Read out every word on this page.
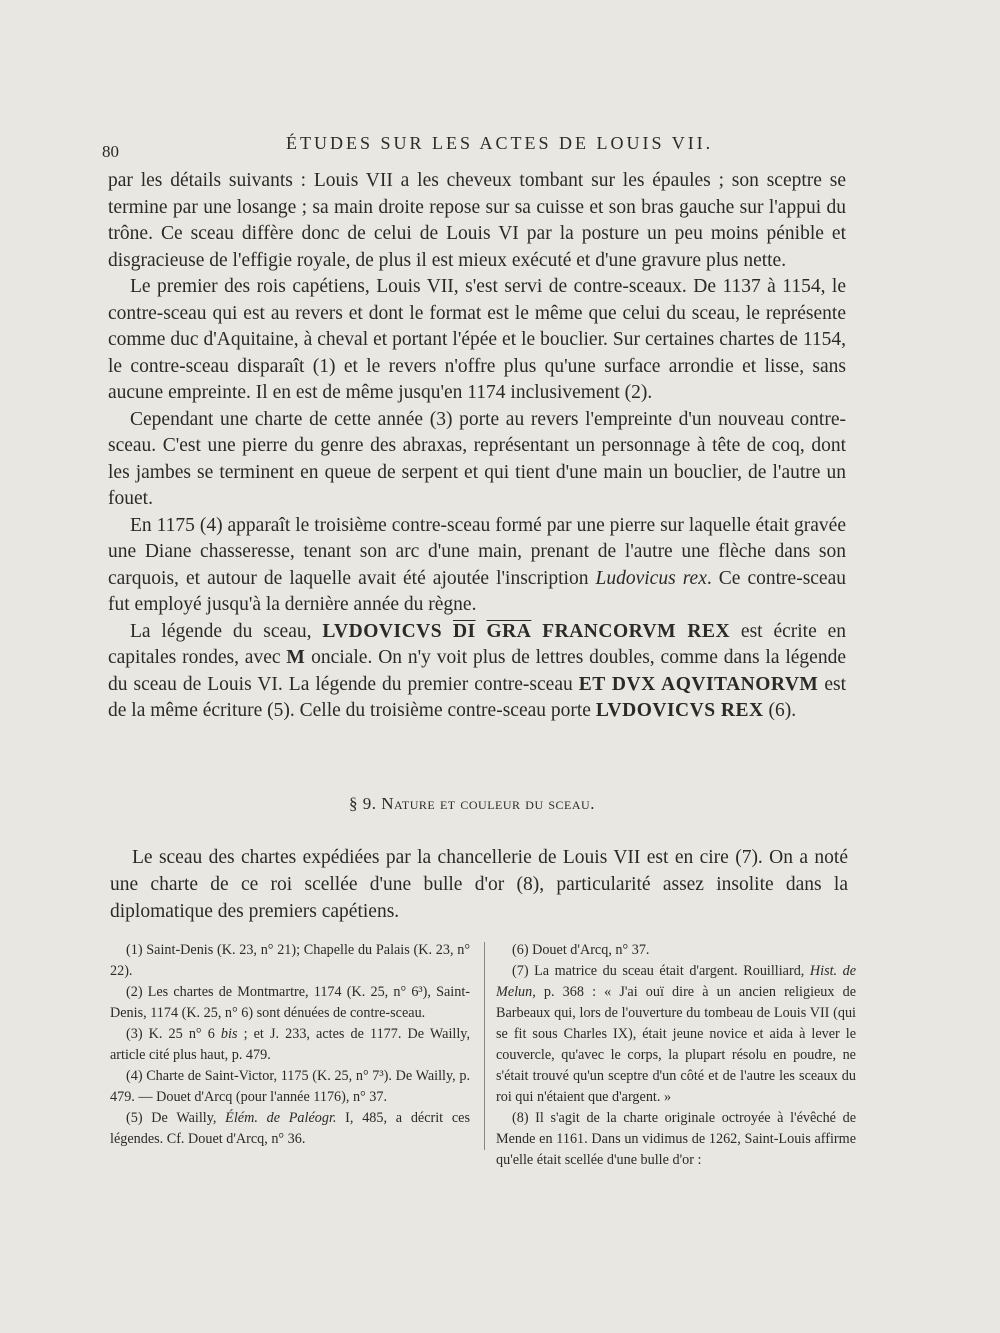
80	ÉTUDES SUR LES ACTES DE LOUIS VII.

par les détails suivants : Louis VII a les cheveux tombant sur les épaules ; son sceptre se termine par une losange ; sa main droite repose sur sa cuisse et son bras gauche sur l'appui du trône. Ce sceau diffère donc de celui de Louis VI par la posture un peu moins pénible et disgracieuse de l'effigie royale, de plus il est mieux exécuté et d'une gravure plus nette.

Le premier des rois capétiens, Louis VII, s'est servi de contre-sceaux. De 1137 à 1154, le contre-sceau qui est au revers et dont le format est le même que celui du sceau, le représente comme duc d'Aquitaine, à cheval et portant l'épée et le bouclier. Sur certaines chartes de 1154, le contre-sceau disparaît (1) et le revers n'offre plus qu'une surface arrondie et lisse, sans aucune empreinte. Il en est de même jusqu'en 1174 inclusivement (2).

Cependant une charte de cette année (3) porte au revers l'empreinte d'un nouveau contre-sceau. C'est une pierre du genre des abraxas, représentant un personnage à tête de coq, dont les jambes se terminent en queue de serpent et qui tient d'une main un bouclier, de l'autre un fouet.

En 1175 (4) apparaît le troisième contre-sceau formé par une pierre sur laquelle était gravée une Diane chasseresse, tenant son arc d'une main, prenant de l'autre une flèche dans son carquois, et autour de laquelle avait été ajoutée l'inscription Ludovicus rex. Ce contre-sceau fut employé jusqu'à la dernière année du règne.

La légende du sceau, LVDOVICVS $\overline{DI}$ $\overline{GRA}$ FRANCORVM REX est écrite en capitales rondes, avec M onciale. On n'y voit plus de lettres doubles, comme dans la légende du sceau de Louis VI. La légende du premier contre-sceau ET DVX AQVITANORVM est de la même écriture (5). Celle du troisième contre-sceau porte LVDOVICVS REX (6).

§ 9. Nature et couleur du sceau.
Le sceau des chartes expédiées par la chancellerie de Louis VII est en cire (7). On a noté une charte de ce roi scellée d'une bulle d'or (8), particularité assez insolite dans la diplomatique des premiers capétiens.

(1) Saint-Denis (K. 23, n° 21); Chapelle du Palais (K. 23, n° 22).

(2) Les chartes de Montmartre, 1174 (K. 25, n° 6³), Saint-Denis, 1174 (K. 25, n° 6) sont dénuées de contre-sceau.

(3) K. 25 n° 6 bis ; et J. 233, actes de 1177. De Wailly, article cité plus haut, p. 479.

(4) Charte de Saint-Victor, 1175 (K. 25, n° 7³). De Wailly, p. 479. — Douet d'Arcq (pour l'année 1176), n° 37.

(5) De Wailly, Élém. de Paléogr. I, 485, a décrit ces légendes. Cf. Douet d'Arcq, n° 36.

(6) Douet d'Arcq, n° 37.

(7) La matrice du sceau était d'argent. Rouilliard, Hist. de Melun, p. 368 : « J'ai ouï dire à un ancien religieux de Barbeaux qui, lors de l'ouverture du tombeau de Louis VII (qui se fit sous Charles IX), était jeune novice et aida à lever le couvercle, qu'avec le corps, la plupart résolu en poudre, ne s'était trouvé qu'un sceptre d'un côté et de l'autre les sceaux du roi qui n'étaient que d'argent. »

(8) Il s'agit de la charte originale octroyée à l'évêché de Mende en 1161. Dans un vidimus de 1262, Saint-Louis affirme qu'elle était scellée d'une bulle d'or :
